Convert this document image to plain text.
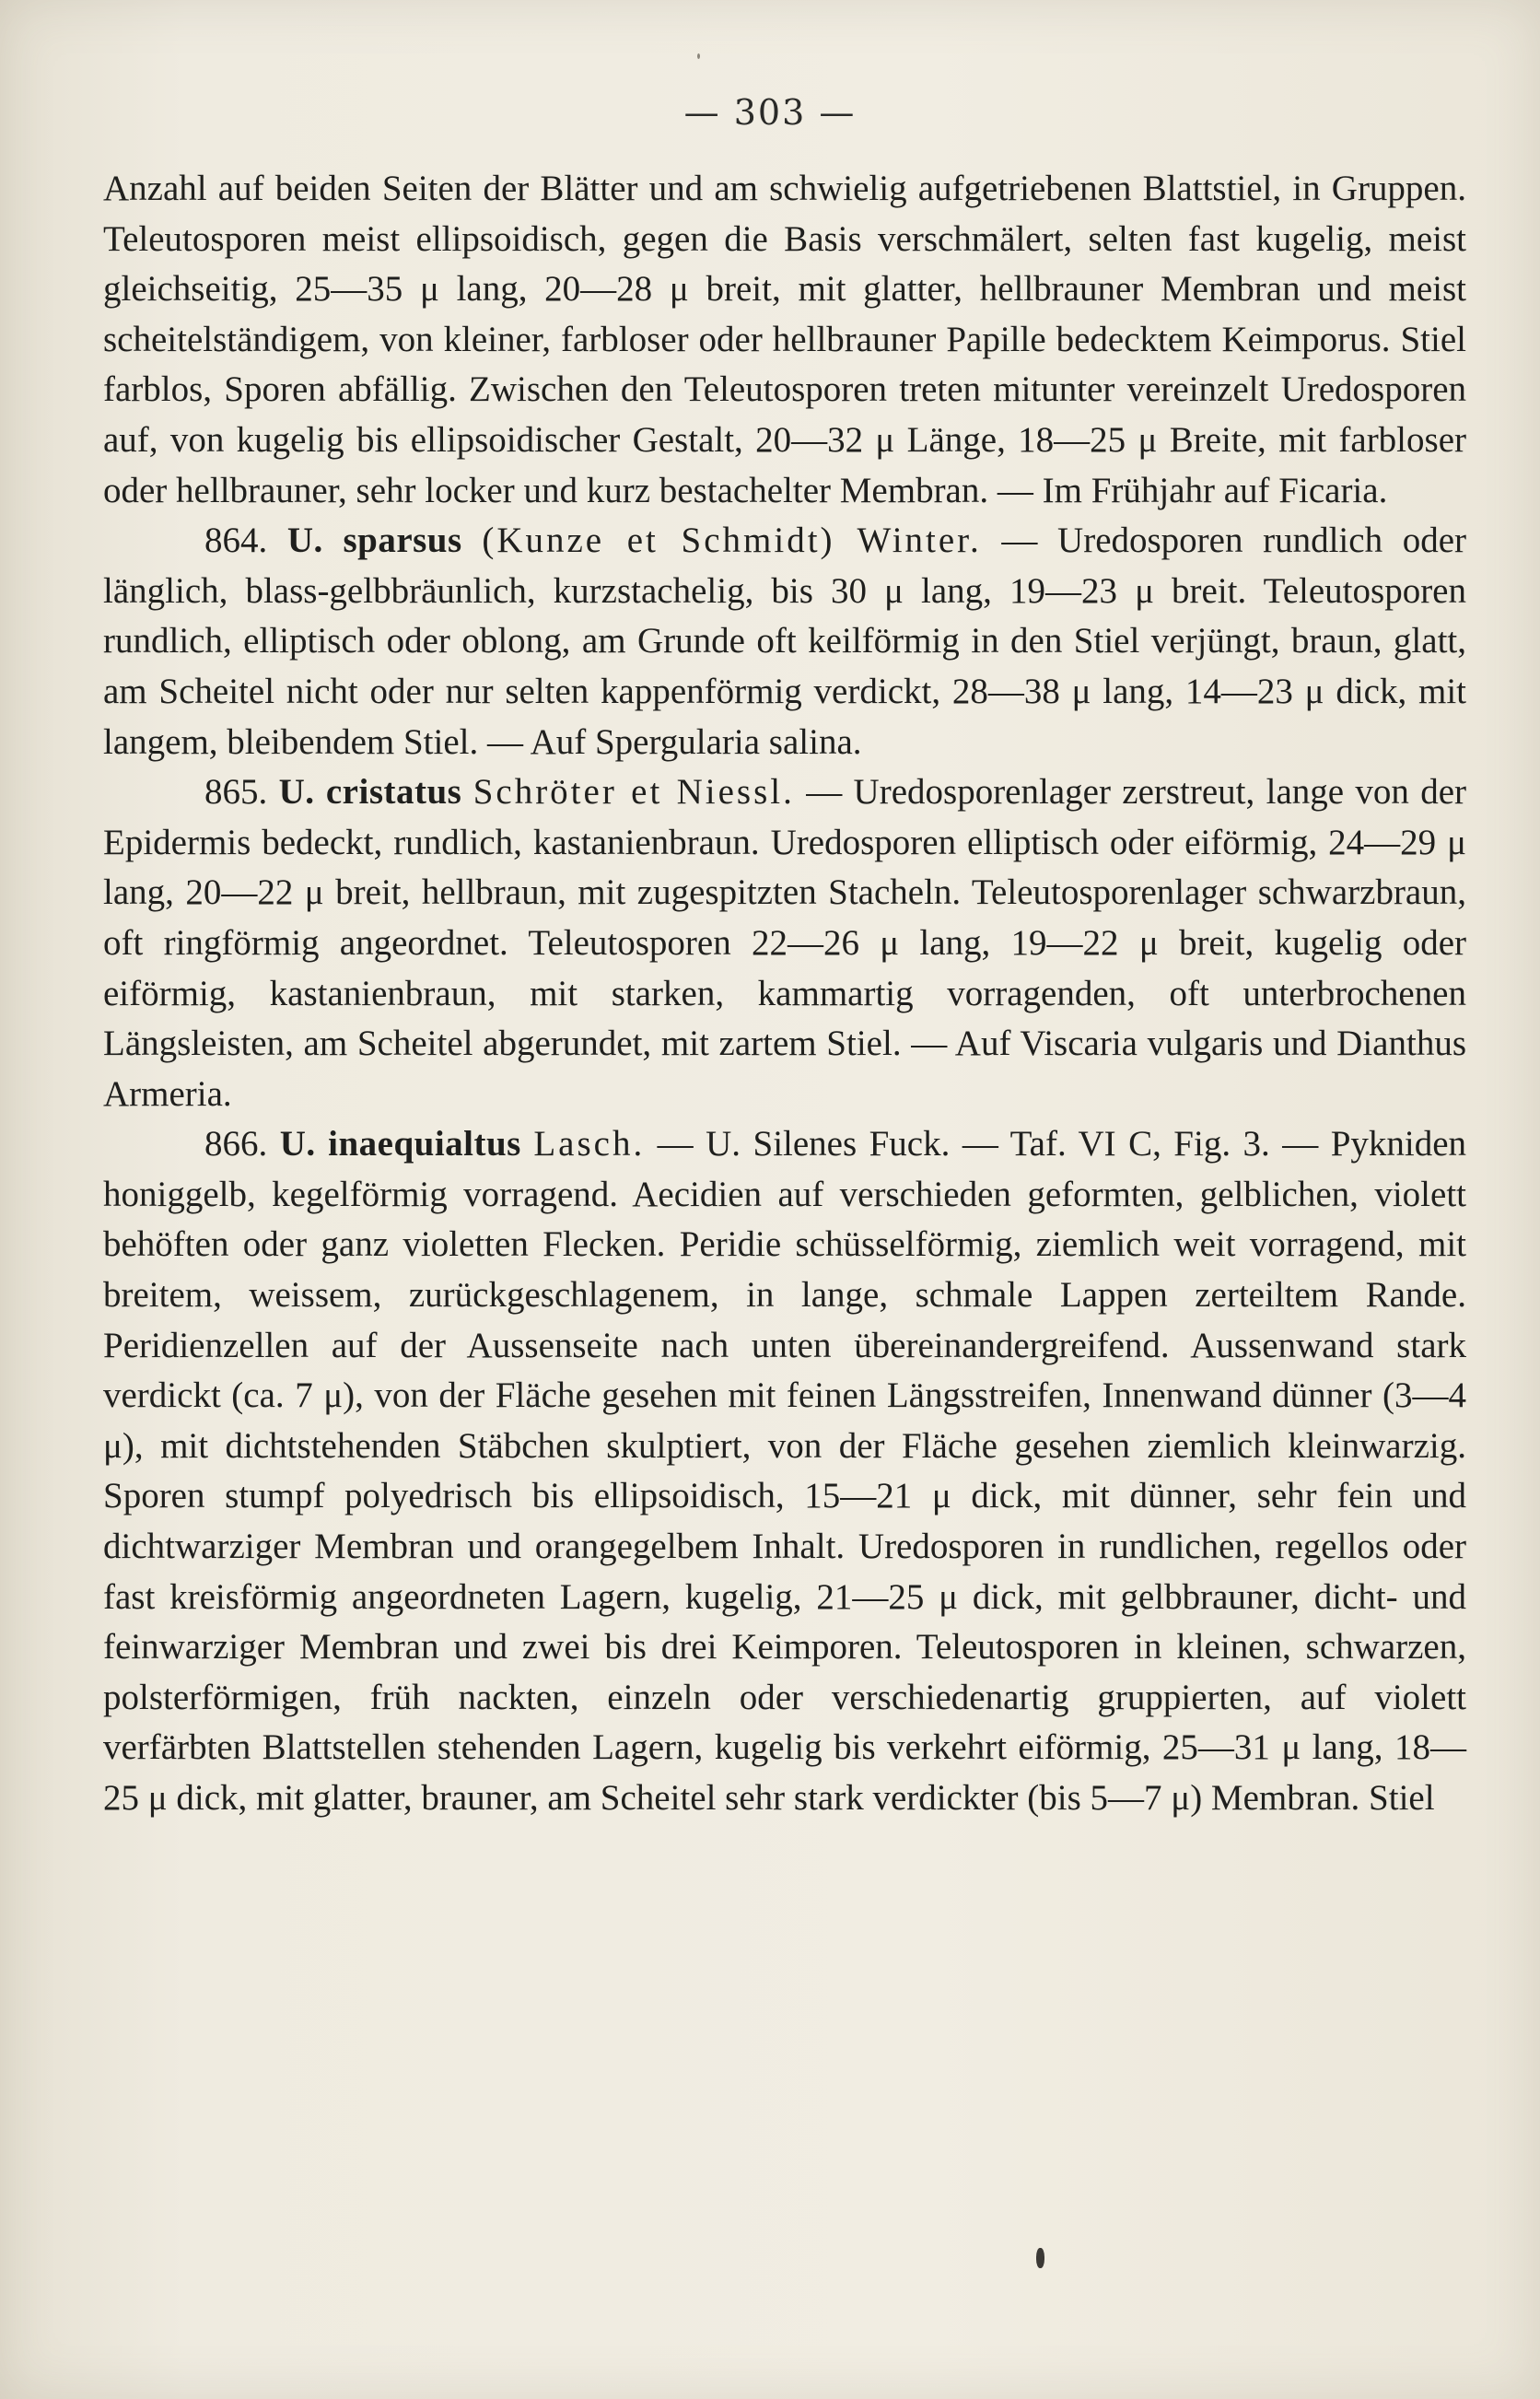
— 303 —

Anzahl auf beiden Seiten der Blätter und am schwielig aufgetriebenen Blattstiel, in Gruppen. Teleutosporen meist ellipsoidisch, gegen die Basis verschmälert, selten fast kugelig, meist gleichseitig, 25—35 μ lang, 20—28 μ breit, mit glatter, hellbrauner Membran und meist scheitelständigem, von kleiner, farbloser oder hellbrauner Papille bedecktem Keimporus. Stiel farblos, Sporen abfällig. Zwischen den Teleutosporen treten mitunter vereinzelt Uredosporen auf, von kugelig bis ellipsoidischer Gestalt, 20—32 μ Länge, 18—25 μ Breite, mit farbloser oder hellbrauner, sehr locker und kurz bestachelter Membran. — Im Frühjahr auf Ficaria.

864. U. sparsus (Kunze et Schmidt) Winter. — Uredosporen rundlich oder länglich, blass-gelbbräunlich, kurzstachelig, bis 30 μ lang, 19—23 μ breit. Teleutosporen rundlich, elliptisch oder oblong, am Grunde oft keilförmig in den Stiel verjüngt, braun, glatt, am Scheitel nicht oder nur selten kappenförmig verdickt, 28—38 μ lang, 14—23 μ dick, mit langem, bleibendem Stiel. — Auf Spergularia salina.

865. U. cristatus Schröter et Niessl. — Uredosporenlager zerstreut, lange von der Epidermis bedeckt, rundlich, kastanienbraun. Uredosporen elliptisch oder eiförmig, 24—29 μ lang, 20—22 μ breit, hellbraun, mit zugespitzten Stacheln. Teleutosporenlager schwarzbraun, oft ringförmig angeordnet. Teleutosporen 22—26 μ lang, 19—22 μ breit, kugelig oder eiförmig, kastanienbraun, mit starken, kammartig vorragenden, oft unterbrochenen Längsleisten, am Scheitel abgerundet, mit zartem Stiel. — Auf Viscaria vulgaris und Dianthus Armeria.

866. U. inaequialtus Lasch. — U. Silenes Fuck. — Taf. VI C, Fig. 3. — Pykniden honiggelb, kegelförmig vorragend. Aecidien auf verschieden geformten, gelblichen, violett behöften oder ganz violetten Flecken. Peridie schüsselförmig, ziemlich weit vorragend, mit breitem, weissem, zurückgeschlagenem, in lange, schmale Lappen zerteiltem Rande. Peridienzellen auf der Aussenseite nach unten übereinandergreifend. Aussenwand stark verdickt (ca. 7 μ), von der Fläche gesehen mit feinen Längsstreifen, Innenwand dünner (3—4 μ), mit dichtstehenden Stäbchen skulptiert, von der Fläche gesehen ziemlich kleinwarzig. Sporen stumpf polyedrisch bis ellipsoidisch, 15—21 μ dick, mit dünner, sehr fein und dichtwarziger Membran und orangegelbem Inhalt. Uredosporen in rundlichen, regellos oder fast kreisförmig angeordneten Lagern, kugelig, 21—25 μ dick, mit gelbbrauner, dicht- und feinwarziger Membran und zwei bis drei Keimporen. Teleutosporen in kleinen, schwarzen, polsterförmigen, früh nackten, einzeln oder verschiedenartig gruppierten, auf violett verfärbten Blattstellen stehenden Lagern, kugelig bis verkehrt eiförmig, 25—31 μ lang, 18—25 μ dick, mit glatter, brauner, am Scheitel sehr stark verdickter (bis 5—7 μ) Membran. Stiel
